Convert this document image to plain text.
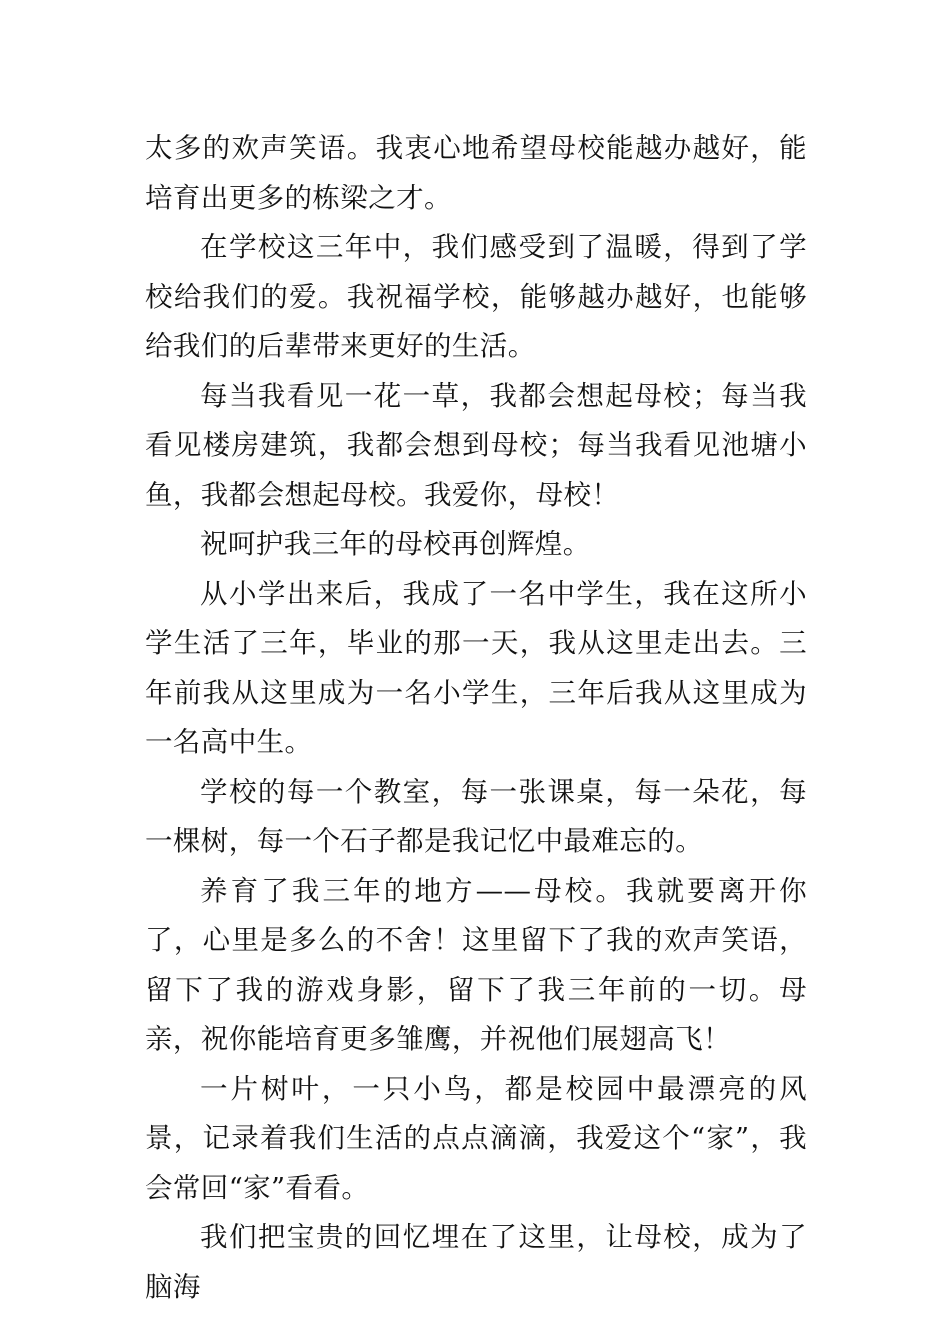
太多的欢声笑语。我衷心地希望母校能越办越好，能培育出更多的栋梁之才。

在学校这三年中，我们感受到了温暖，得到了学校给我们的爱。我祝福学校，能够越办越好，也能够给我们的后辈带来更好的生活。

每当我看见一花一草，我都会想起母校；每当我看见楼房建筑，我都会想到母校；每当我看见池塘小鱼，我都会想起母校。我爱你，母校！

祝呵护我三年的母校再创辉煌。

从小学出来后，我成了一名中学生，我在这所小学生活了三年，毕业的那一天，我从这里走出去。三年前我从这里成为一名小学生，三年后我从这里成为一名高中生。

学校的每一个教室，每一张课桌，每一朵花，每一棵树，每一个石子都是我记忆中最难忘的。

养育了我三年的地方——母校。我就要离开你了，心里是多么的不舍！这里留下了我的欢声笑语，留下了我的游戏身影，留下了我三年前的一切。母亲，祝你能培育更多雏鹰，并祝他们展翅高飞！

一片树叶，一只小鸟，都是校园中最漂亮的风景，记录着我们生活的点点滴滴，我爱这个“家”，我会常回“家”看看。

我们把宝贵的回忆埋在了这里，让母校，成为了脑海
